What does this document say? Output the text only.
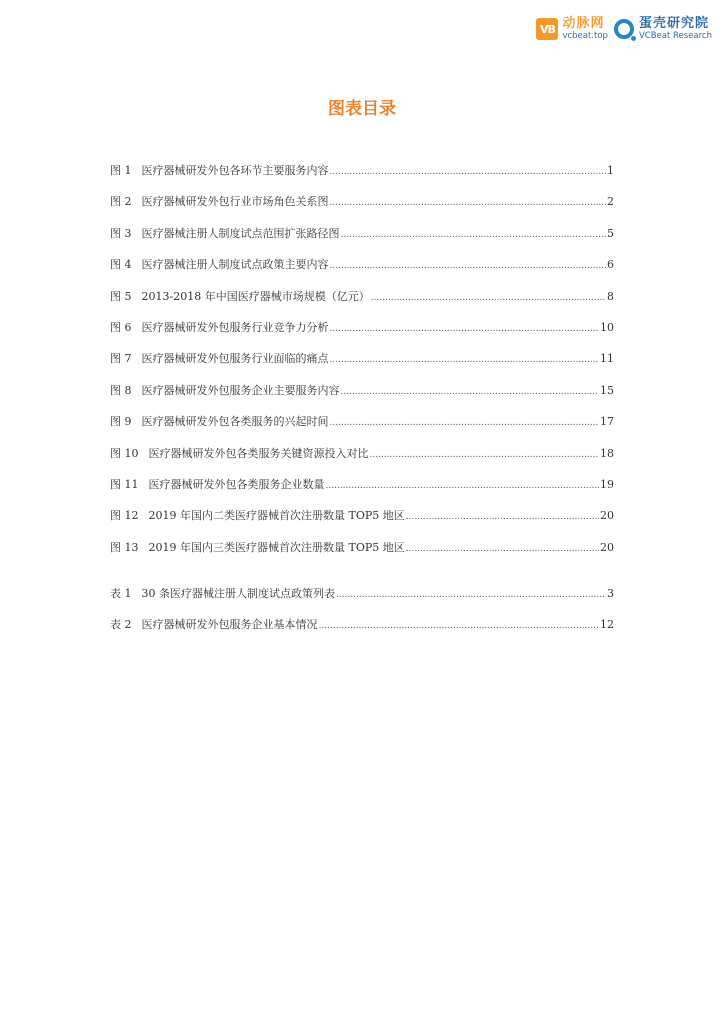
VB 动脉网
vcbeat.top
蛋壳研究院
VCBeat Research
图表目录
图 1 医疗器械研发外包各环节主要服务内容 .....	1
图 2 医疗器械研发外包行业市场角色关系图 .....	2
图 3 医疗器械注册人制度试点范围扩张路径图 .....	5
图 4 医疗器械注册人制度试点政策主要内容 .....	6
图 5 2013-2018 年中国医疗器械市场规模（亿元） .....	8
图 6 医疗器械研发外包服务行业竞争力分析 .....	10
图 7 医疗器械研发外包服务行业面临的痛点 .....	11
图 8 医疗器械研发外包服务企业主要服务内容 .....	15
图 9 医疗器械研发外包各类服务的兴起时间 .....	17
图 10 医疗器械研发外包各类服务关键资源投入对比 .....	18
图 11 医疗器械研发外包各类服务企业数量 .....	19
图 12 2019 年国内二类医疗器械首次注册数量 TOP5 地区 .....	20
图 13 2019 年国内三类医疗器械首次注册数量 TOP5 地区 .....	20
表 1 30 条医疗器械注册人制度试点政策列表 .....	3
表 2 医疗器械研发外包服务企业基本情况 .....	12
